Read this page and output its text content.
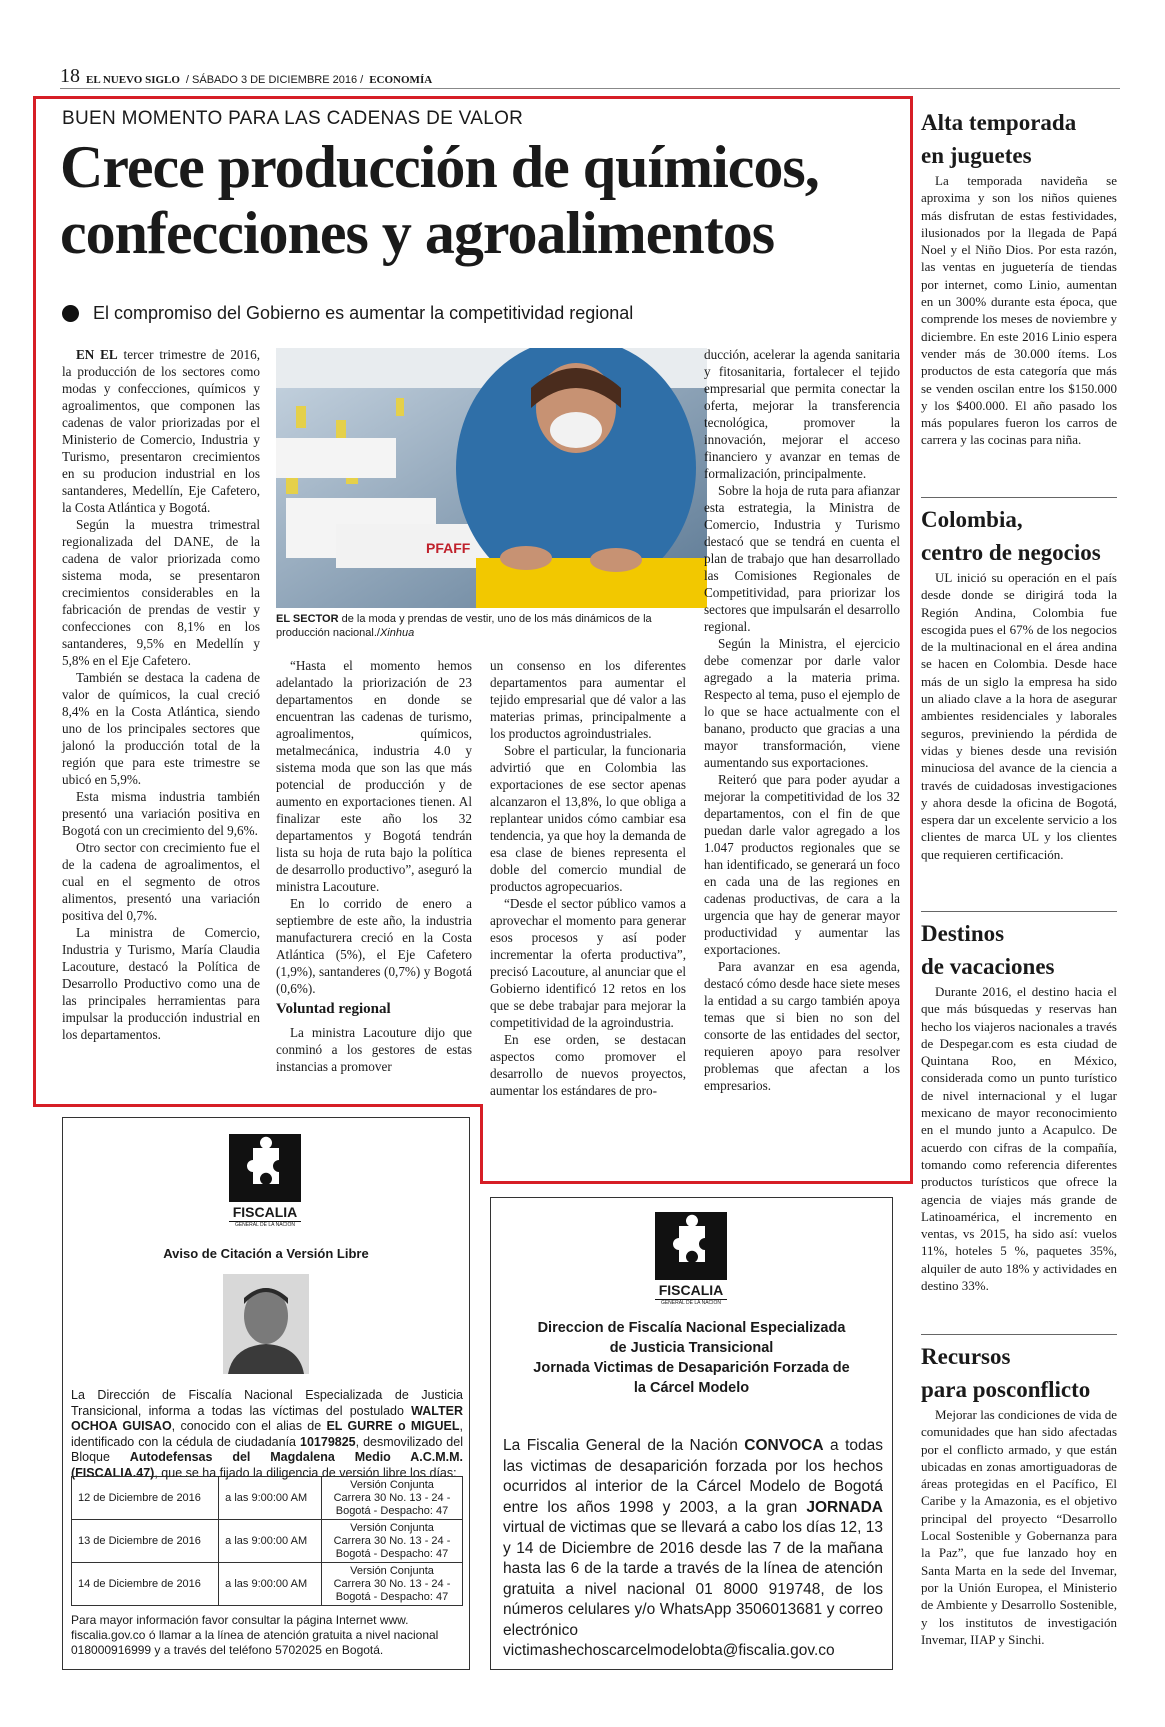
18 EL NUEVO SIGLO / SÁBADO 3 DE DICIEMBRE 2016 / ECONOMÍA
BUEN MOMENTO PARA LAS CADENAS DE VALOR
Crece producción de químicos,
confecciones y agroalimentos
El compromiso del Gobierno es aumentar la competitividad regional

EN EL tercer trimestre de 2016, la producción de los sectores como modas y confecciones, químicos y agroalimentos, que componen las cadenas de valor priorizadas por el Ministerio de Comercio, Industria y Turismo, presentaron crecimientos en su producion industrial en los santanderes, Medellín, Eje Cafetero, la Costa Atlántica y Bogotá.

Según la muestra trimestral regionalizada del DANE, de la cadena de valor priorizada como sistema moda, se presentaron crecimientos considerables en la fabricación de prendas de vestir y confecciones con 8,1% en los santanderes, 9,5% en Medellín y 5,8% en el Eje Cafetero.

También se destaca la cadena de valor de químicos, la cual creció 8,4% en la Costa Atlántica, siendo uno de los principales sectores que jalonó la producción total de la región que para este trimestre se ubicó en 5,9%.

Esta misma industria también presentó una variación positiva en Bogotá con un crecimiento del 9,6%.

Otro sector con crecimiento fue el de la cadena de agroalimentos, el cual en el segmento de otros alimentos, presentó una variación positiva del 0,7%.

La ministra de Comercio, Industria y Turismo, María Claudia Lacouture, destacó la Política de Desarrollo Productivo como una de las principales herramientas para impulsar la producción industrial en los departamentos.

PFAFF
EL SECTOR de la moda y prendas de vestir, uno de los más dinámicos de la producción nacional./Xinhua

“Hasta el momento hemos adelantado la priorización de 23 departamentos en donde se encuentran las cadenas de turismo, agroalimentos, químicos, metalmecánica, industria 4.0 y sistema moda que son las que más potencial de producción y de aumento en exportaciones tienen. Al finalizar este año los 32 departamentos y Bogotá tendrán lista su hoja de ruta bajo la política de desarrollo productivo”, aseguró la ministra Lacouture.

En lo corrido de enero a septiembre de este año, la industria manufacturera creció en la Costa Atlántica (5%), el Eje Cafetero (1,9%), santanderes (0,7%) y Bogotá (0,6%).

Voluntad regional

La ministra Lacouture dijo que conminó a los gestores de estas instancias a promover

un consenso en los diferentes departamentos para aumentar el tejido empresarial que dé valor a las materias primas, principalmente a los productos agroindustriales.

Sobre el particular, la funcionaria advirtió que en Colombia las exportaciones de ese sector apenas alcanzaron el 13,8%, lo que obliga a replantear unidos cómo cambiar esa tendencia, ya que hoy la demanda de esa clase de bienes representa el doble del comercio mundial de productos agropecuarios.

“Desde el sector público vamos a aprovechar el momento para generar esos procesos y así poder incrementar la oferta productiva”, precisó Lacouture, al anunciar que el Gobierno identificó 12 retos en los que se debe trabajar para mejorar la competitividad de la agroindustria.

En ese orden, se destacan aspectos como promover el desarrollo de nuevos proyectos, aumentar los estándares de pro-

ducción, acelerar la agenda sanitaria y fitosanitaria, fortalecer el tejido empresarial que permita conectar la oferta, mejorar la transferencia tecnológica, promover la innovación, mejorar el acceso financiero y avanzar en temas de formalización, principalmente.

Sobre la hoja de ruta para afianzar esta estrategia, la Ministra de Comercio, Industria y Turismo destacó que se tendrá en cuenta el plan de trabajo que han desarrollado las Comisiones Regionales de Competitividad, para priorizar los sectores que impulsarán el desarrollo regional.

Según la Ministra, el ejercicio debe comenzar por darle valor agregado a la materia prima. Respecto al tema, puso el ejemplo de lo que se hace actualmente con el banano, producto que gracias a una mayor transformación, viene aumentando sus exportaciones.

Reiteró que para poder ayudar a mejorar la competitividad de los 32 departamentos, con el fin de que puedan darle valor agregado a los 1.047 productos regionales que se han identificado, se generará un foco en cada una de las regiones en cadenas productivas, de cara a la urgencia que hay de generar mayor productividad y aumentar las exportaciones.

Para avanzar en esa agenda, destacó cómo desde hace siete meses la entidad a su cargo también apoya temas que si bien no son del consorte de las entidades del sector, requieren apoyo para resolver problemas que afectan a los empresarios.

Alta temporada
en juguetes

La temporada navideña se aproxima y son los niños quienes más disfrutan de estas festividades, ilusionados por la llegada de Papá Noel y el Niño Dios. Por esta razón, las ventas en juguetería de tiendas por internet, como Linio, aumentan en un 300% durante esta época, que comprende los meses de noviembre y diciembre. En este 2016 Linio espera vender más de 30.000 ítems. Los productos de esta categoría que más se venden oscilan entre los $150.000 y los $400.000. El año pasado los más populares fueron los carros de carrera y las cocinas para niña.

Colombia,
centro de negocios

UL inició su operación en el país desde donde se dirigirá toda la Región Andina, Colombia fue escogida pues el 67% de los negocios de la multinacional en el área andina se hacen en Colombia. Desde hace más de un siglo la empresa ha sido un aliado clave a la hora de asegurar ambientes residenciales y laborales seguros, previniendo la pérdida de vidas y bienes desde una revisión minuciosa del avance de la ciencia a través de cuidadosas investigaciones y ahora desde la oficina de Bogotá, espera dar un excelente servicio a los clientes de marca UL y los clientes que requieren certificación.

Destinos
de vacaciones

Durante 2016, el destino hacia el que más búsquedas y reservas han hecho los viajeros nacionales a través de Despegar.com es esta ciudad de Quintana Roo, en México, considerada como un punto turístico de nivel internacional y el lugar mexicano de mayor reconocimiento en el mundo junto a Acapulco. De acuerdo con cifras de la compañía, tomando como referencia diferentes productos turísticos que ofrece la agencia de viajes más grande de Latinoamérica, el incremento en ventas, vs 2015, ha sido así: vuelos 11%, hoteles 5 %, paquetes 35%, alquiler de auto 18% y actividades en destino 33%.

Recursos
para posconflicto

Mejorar las condiciones de vida de comunidades que han sido afectadas por el conflicto armado, y que están ubicadas en zonas amortiguadoras de áreas protegidas en el Pacífico, El Caribe y la Amazonia, es el objetivo principal del proyecto “Desarrollo Local Sostenible y Gobernanza para la Paz”, que fue lanzado hoy en Santa Marta en la sede del Invemar, por la Unión Europea, el Ministerio de Ambiente y Desarrollo Sostenible, y los institutos de investigación Invemar, IIAP y Sinchi.

FISCALIA
GENERAL DE LA NACION
Aviso de Citación a Versión Libre
La Dirección de Fiscalía Nacional Especializada de Justicia Transicional, informa a todas las víctimas del postulado WALTER OCHOA GUISAO, conocido con el alias de EL GURRE o MIGUEL, identificado con la cédula de ciudadanía 10179825, desmovilizado del Bloque Autodefensas del Magdalena Medio A.C.M.M. (FISCALIA.47), que se ha fijado la diligencia de versión libre los días:
12 de Diciembre de 2016	a las 9:00:00 AM	Versión Conjunta
Carrera 30 No. 13 - 24 -
Bogotá - Despacho: 47

13 de Diciembre de 2016	a las 9:00:00 AM	Versión Conjunta
Carrera 30 No. 13 - 24 -
Bogotá - Despacho: 47

14 de Diciembre de 2016	a las 9:00:00 AM	Versión Conjunta
Carrera 30 No. 13 - 24 -
Bogotá - Despacho: 47
Para mayor información favor consultar la página Internet www. fiscalia.gov.co ó llamar a la línea de atención gratuita a nivel nacional 018000916999 y a través del teléfono 5702025 en Bogotá.
FISCALIA
GENERAL DE LA NACION
Direccion de Fiscalía Nacional Especializada
de Justicia Transicional
Jornada Victimas de Desaparición Forzada de
la Cárcel Modelo
La Fiscalia General de la Nación CONVOCA a todas las victimas de desaparición forzada por los hechos ocurridos al interior de la Cárcel Modelo de Bogotá entre los años 1998 y 2003, a la gran JORNADA virtual de victimas que se llevará a cabo los días 12, 13 y 14 de Diciembre de 2016 desde las 7 de la mañana hasta las 6 de la tarde a través de la línea de atención gratuita a nivel nacional 01 8000 919748, de los números celulares y/o WhatsApp 3506013681 y correo electrónico victimashechoscarcelmodelobta@fiscalia.gov.co
